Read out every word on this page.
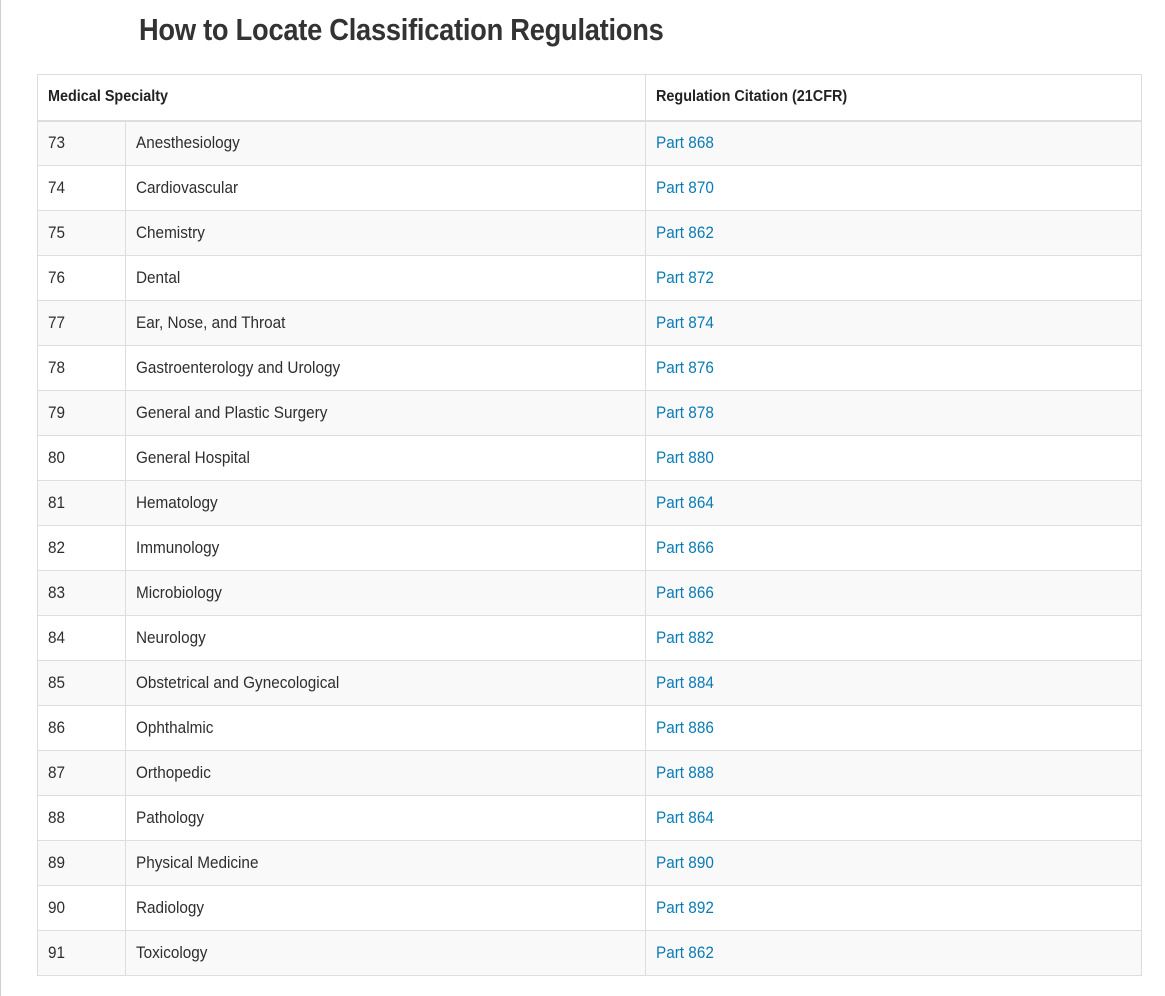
How to Locate Classification Regulations
Medical Specialty		Regulation Citation (21CFR)
73	Anesthesiology	Part 868
74	Cardiovascular	Part 870
75	Chemistry	Part 862
76	Dental	Part 872
77	Ear, Nose, and Throat	Part 874
78	Gastroenterology and Urology	Part 876
79	General and Plastic Surgery	Part 878
80	General Hospital	Part 880
81	Hematology	Part 864
82	Immunology	Part 866
83	Microbiology	Part 866
84	Neurology	Part 882
85	Obstetrical and Gynecological	Part 884
86	Ophthalmic	Part 886
87	Orthopedic	Part 888
88	Pathology	Part 864
89	Physical Medicine	Part 890
90	Radiology	Part 892
91	Toxicology	Part 862
